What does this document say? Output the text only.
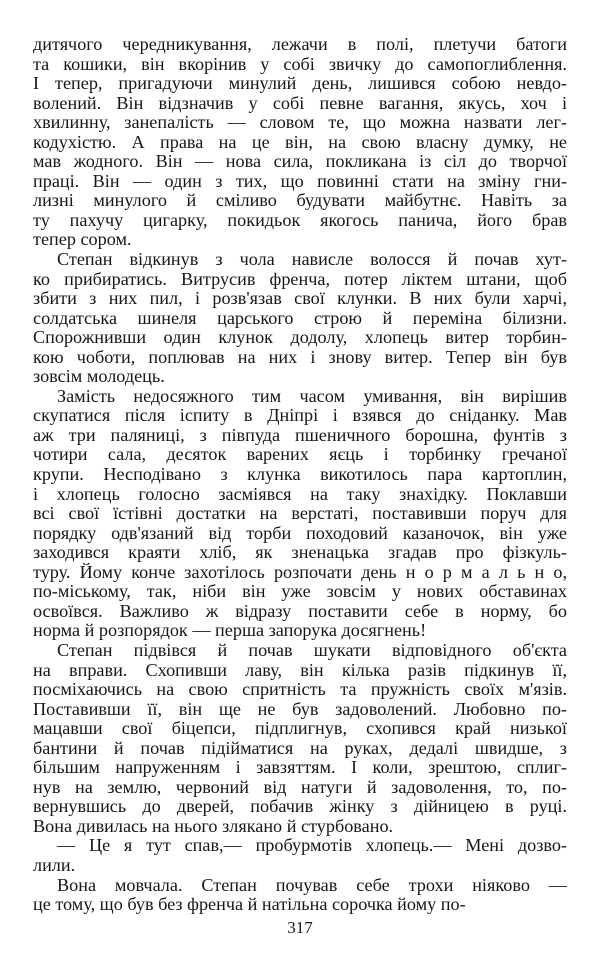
дитячого чередникування, лежачи в полі, плетучи батоги
та кошики, він вкорінив у собі звичку до самопоглиблення.
І тепер, пригадуючи минулий день, лишився собою невдо-
волений. Він відзначив у собі певне вагання, якусь, хоч і
хвилинну, занепалість — словом те, що можна назвати лег-
кодухістю. А права на це він, на свою власну думку, не
мав жодного. Він — нова сила, покликана із сіл до творчої
праці. Він — один з тих, що повинні стати на зміну гни-
лизні минулого й сміливо будувати майбутнє. Навіть за
ту пахучу цигарку, покидьок якогось панича, його брав
тепер сором.
Степан відкинув з чола нависле волосся й почав хут-
ко прибиратись. Витрусив френча, потер ліктем штани, щоб
збити з них пил, і розв'язав свої клунки. В них були харчі,
солдатська шинеля царського строю й переміна білизни.
Спорожнивши один клунок додолу, хлопець витер торбин-
кою чоботи, поплював на них і знову витер. Тепер він був
зовсім молодець.
Замість недосяжного тим часом умивання, він вирішив
скупатися після іспиту в Дніпрі і взявся до сніданку. Мав
аж три паляниці, з півпуда пшеничного борошна, фунтів з
чотири сала, десяток варених яєць і торбинку гречаної
крупи. Несподівано з клунка викотилось пара картоплин,
і хлопець голосно засміявся на таку знахідку. Поклавши
всі свої їстівні достатки на верстаті, поставивши поруч для
порядку одв'язаний від торби походовий казаночок, він уже
заходився краяти хліб, як зненацька згадав про фізкуль-
туру. Йому конче захотілось розпочати день н о р м а л ь н о,
по-міському, так, ніби він уже зовсім у нових обставинах
освоївся. Важливо ж відразу поставити себе в норму, бо
норма й розпорядок — перша запорука досягнень!
Степан підвівся й почав шукати відповідного об'єкта
на вправи. Схопивши лаву, він кілька разів підкинув її,
посміхаючись на свою спритність та пружність своїх м'язів.
Поставивши її, він ще не був задоволений. Любовно по-
мацавши свої біцепси, підплигнув, схопився край низької
бантини й почав підійматися на руках, дедалі швидше, з
більшим напруженням і завзяттям. І коли, зрештою, сплиг-
нув на землю, червоний від натуги й задоволення, то, по-
вернувшись до дверей, побачив жінку з дійницею в руці.
Вона дивилась на нього злякано й стурбовано.
— Це я тут спав,— пробурмотів хлопець.— Мені дозво-
лили.
Вона мовчала. Степан почував себе трохи ніяково —
це тому, що був без френча й натільна сорочка йому по-
317
